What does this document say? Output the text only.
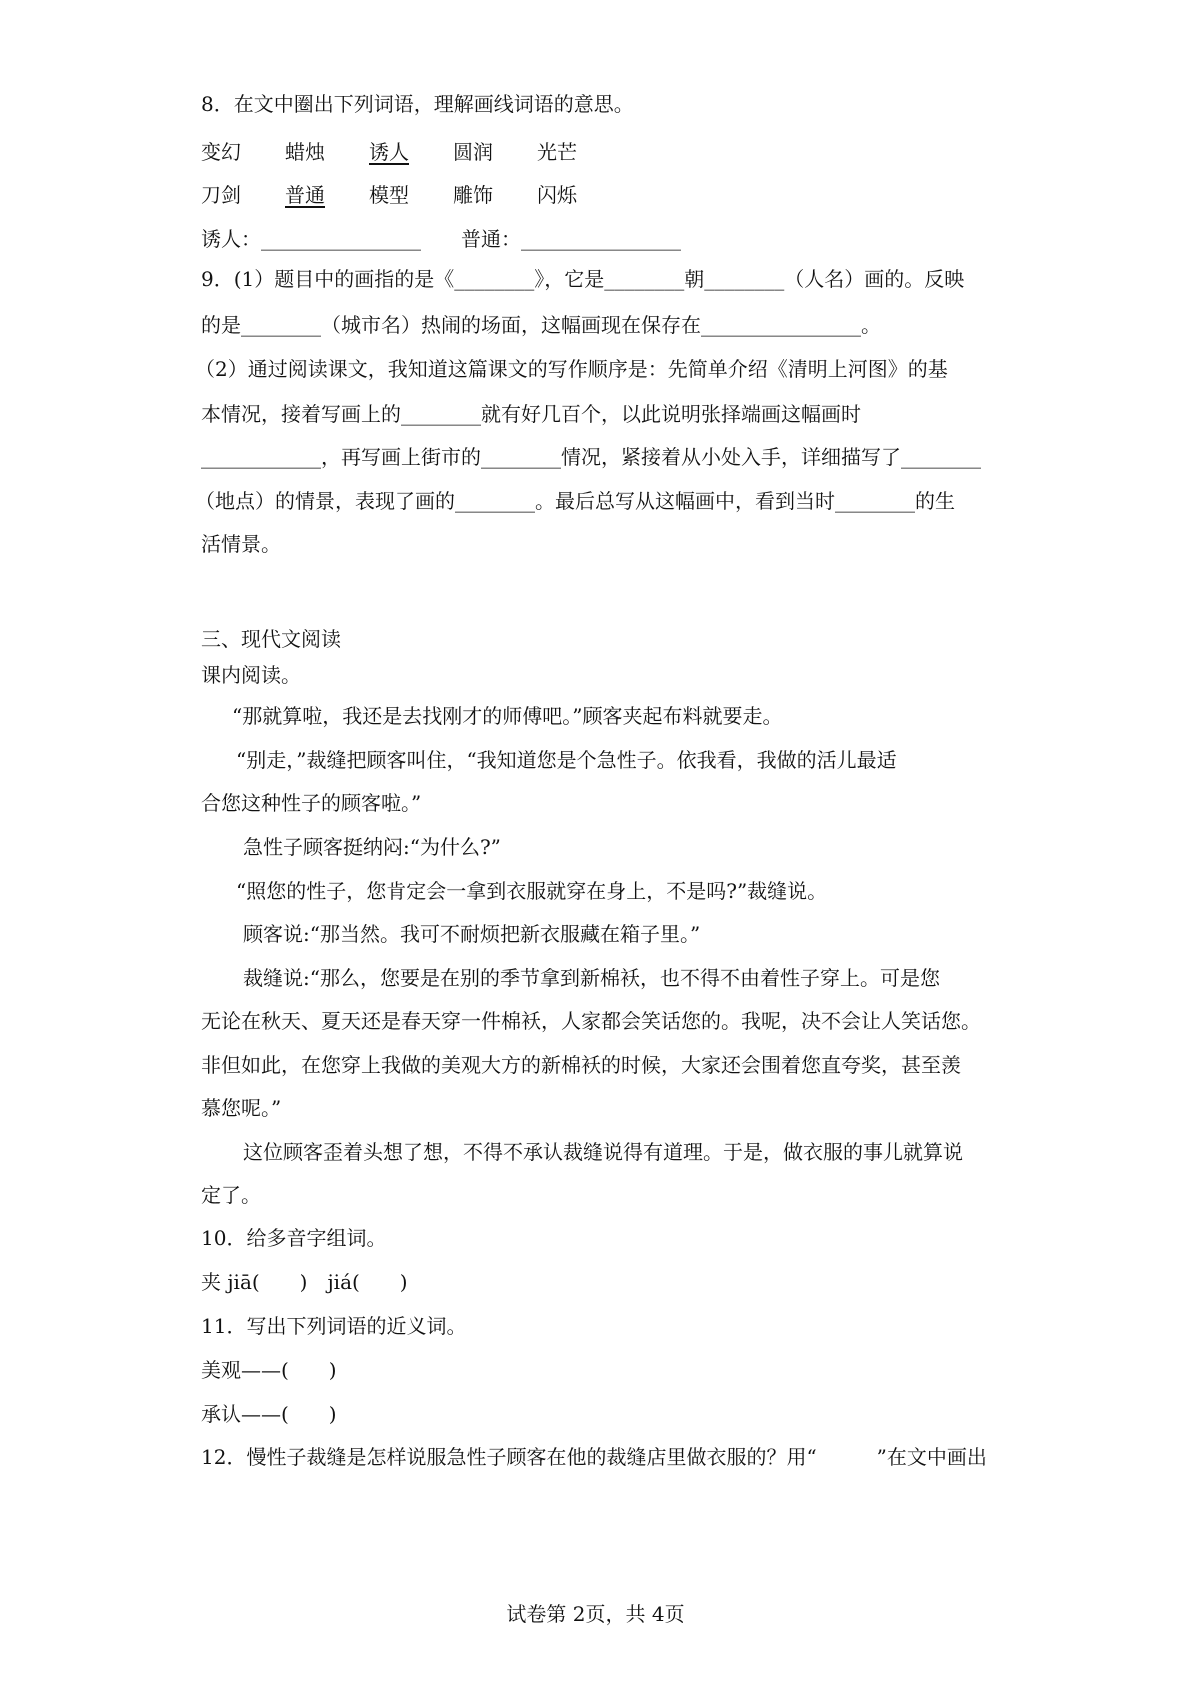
8．在文中圈出下列词语，理解画线词语的意思。
变幻 蜡烛 诱人 圆润 光芒
刀剑 普通 模型 雕饰 闪烁
诱人：________________　　普通：________________
9．(1）题目中的画指的是《________》，它是________朝________（人名）画的。反映
的是________（城市名）热闹的场面，这幅画现在保存在________________。
（2）通过阅读课文，我知道这篇课文的写作顺序是：先简单介绍《清明上河图》的基
本情况，接着写画上的________就有好几百个，以此说明张择端画这幅画时
____________，再写画上街市的________情况，紧接着从小处入手，详细描写了________
（地点）的情景，表现了画的________。最后总写从这幅画中，看到当时________的生
活情景。
三、现代文阅读
课内阅读。
“那就算啦，我还是去找刚才的师傅吧。”顾客夹起布料就要走。
“别走，”裁缝把顾客叫住，“我知道您是个急性子。依我看，我做的活儿最适
合您这种性子的顾客啦。”
急性子顾客挺纳闷:“为什么?”
“照您的性子，您肯定会一拿到衣服就穿在身上，不是吗?”裁缝说。
顾客说:“那当然。我可不耐烦把新衣服藏在箱子里。”
裁缝说:“那么，您要是在别的季节拿到新棉袄，也不得不由着性子穿上。可是您
无论在秋天、夏天还是春天穿一件棉袄，人家都会笑话您的。我呢，决不会让人笑话您。
非但如此，在您穿上我做的美观大方的新棉袄的时候，大家还会围着您直夸奖，甚至羡
慕您呢。”
这位顾客歪着头想了想，不得不承认裁缝说得有道理。于是，做衣服的事儿就算说
定了。
10．给多音字组词。
夹 jiā(　　)　jiá(　　)
11．写出下列词语的近义词。
美观——(　　)
承认——(　　)
12．慢性子裁缝是怎样说服急性子顾客在他的裁缝店里做衣服的？用“　　　”在文中画出
试卷第 2页，共 4页
